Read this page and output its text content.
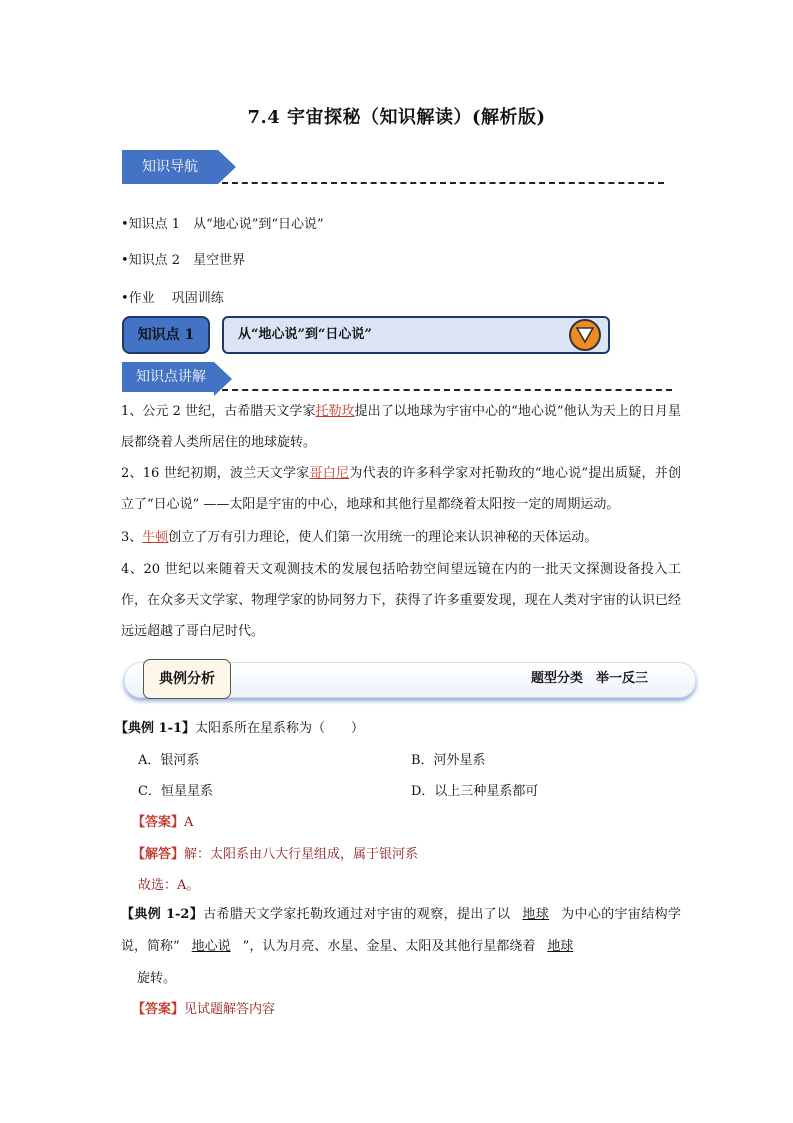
7.4 宇宙探秘（知识解读）(解析版)
知识导航
•知识点 1　从“地心说”到“日心说”
•知识点 2　星空世界
•作业　 巩固训练
知识点 1	从“地心说”到“日心说”
知识点讲解
1、公元 2 世纪，古希腊天文学家托勒玫提出了以地球为宇宙中心的“地心说”他认为天上的日月星辰都绕着人类所居住的地球旋转。
2、16 世纪初期，波兰天文学家哥白尼为代表的许多科学家对托勒玫的“地心说”提出质疑，并创立了“日心说” ——太阳是宇宙的中心，地球和其他行星都绕着太阳按一定的周期运动。
3、牛顿创立了万有引力理论，使人们第一次用统一的理论来认识神秘的天体运动。
4、20 世纪以来随着天文观测技术的发展包括哈勃空间望远镜在内的一批天文探测设备投入工作，在众多天文学家、物理学家的协同努力下，获得了许多重要发现，现在人类对宇宙的认识已经远远超越了哥白尼时代。
典例分析	题型分类　举一反三
【典例 1-1】太阳系所在星系称为（　　）
A．银河系	B．河外星系
C．恒星星系	D．以上三种星系都可
【答案】A
【解答】解：太阳系由八大行星组成，属于银河系
故选：A。
【典例 1-2】古希腊天文学家托勒玫通过对宇宙的观察，提出了以 地球 为中心的宇宙结构学说，简称“ 地心说 ”，认为月亮、水星、金星、太阳及其他行星都绕着 地球
旋转。
【答案】见试题解答内容
